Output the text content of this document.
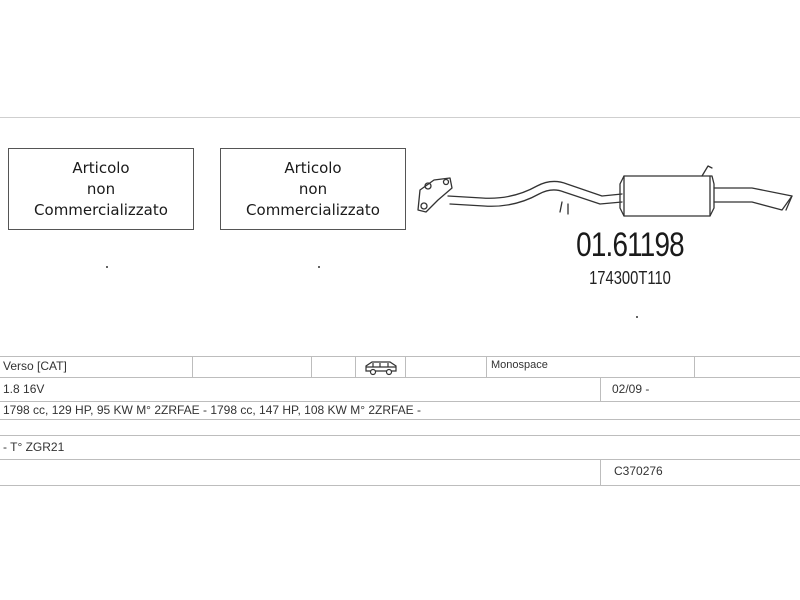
Articolo
non
Commercializzato
Articolo
non
Commercializzato
01.61198
174300T110
Verso [CAT]	Monospace
1.8 16V	02/09 -
1798 cc, 129 HP, 95 KW M° 2ZRFAE - 1798 cc, 147 HP, 108 KW M° 2ZRFAE -
- T° ZGR21
C370276
